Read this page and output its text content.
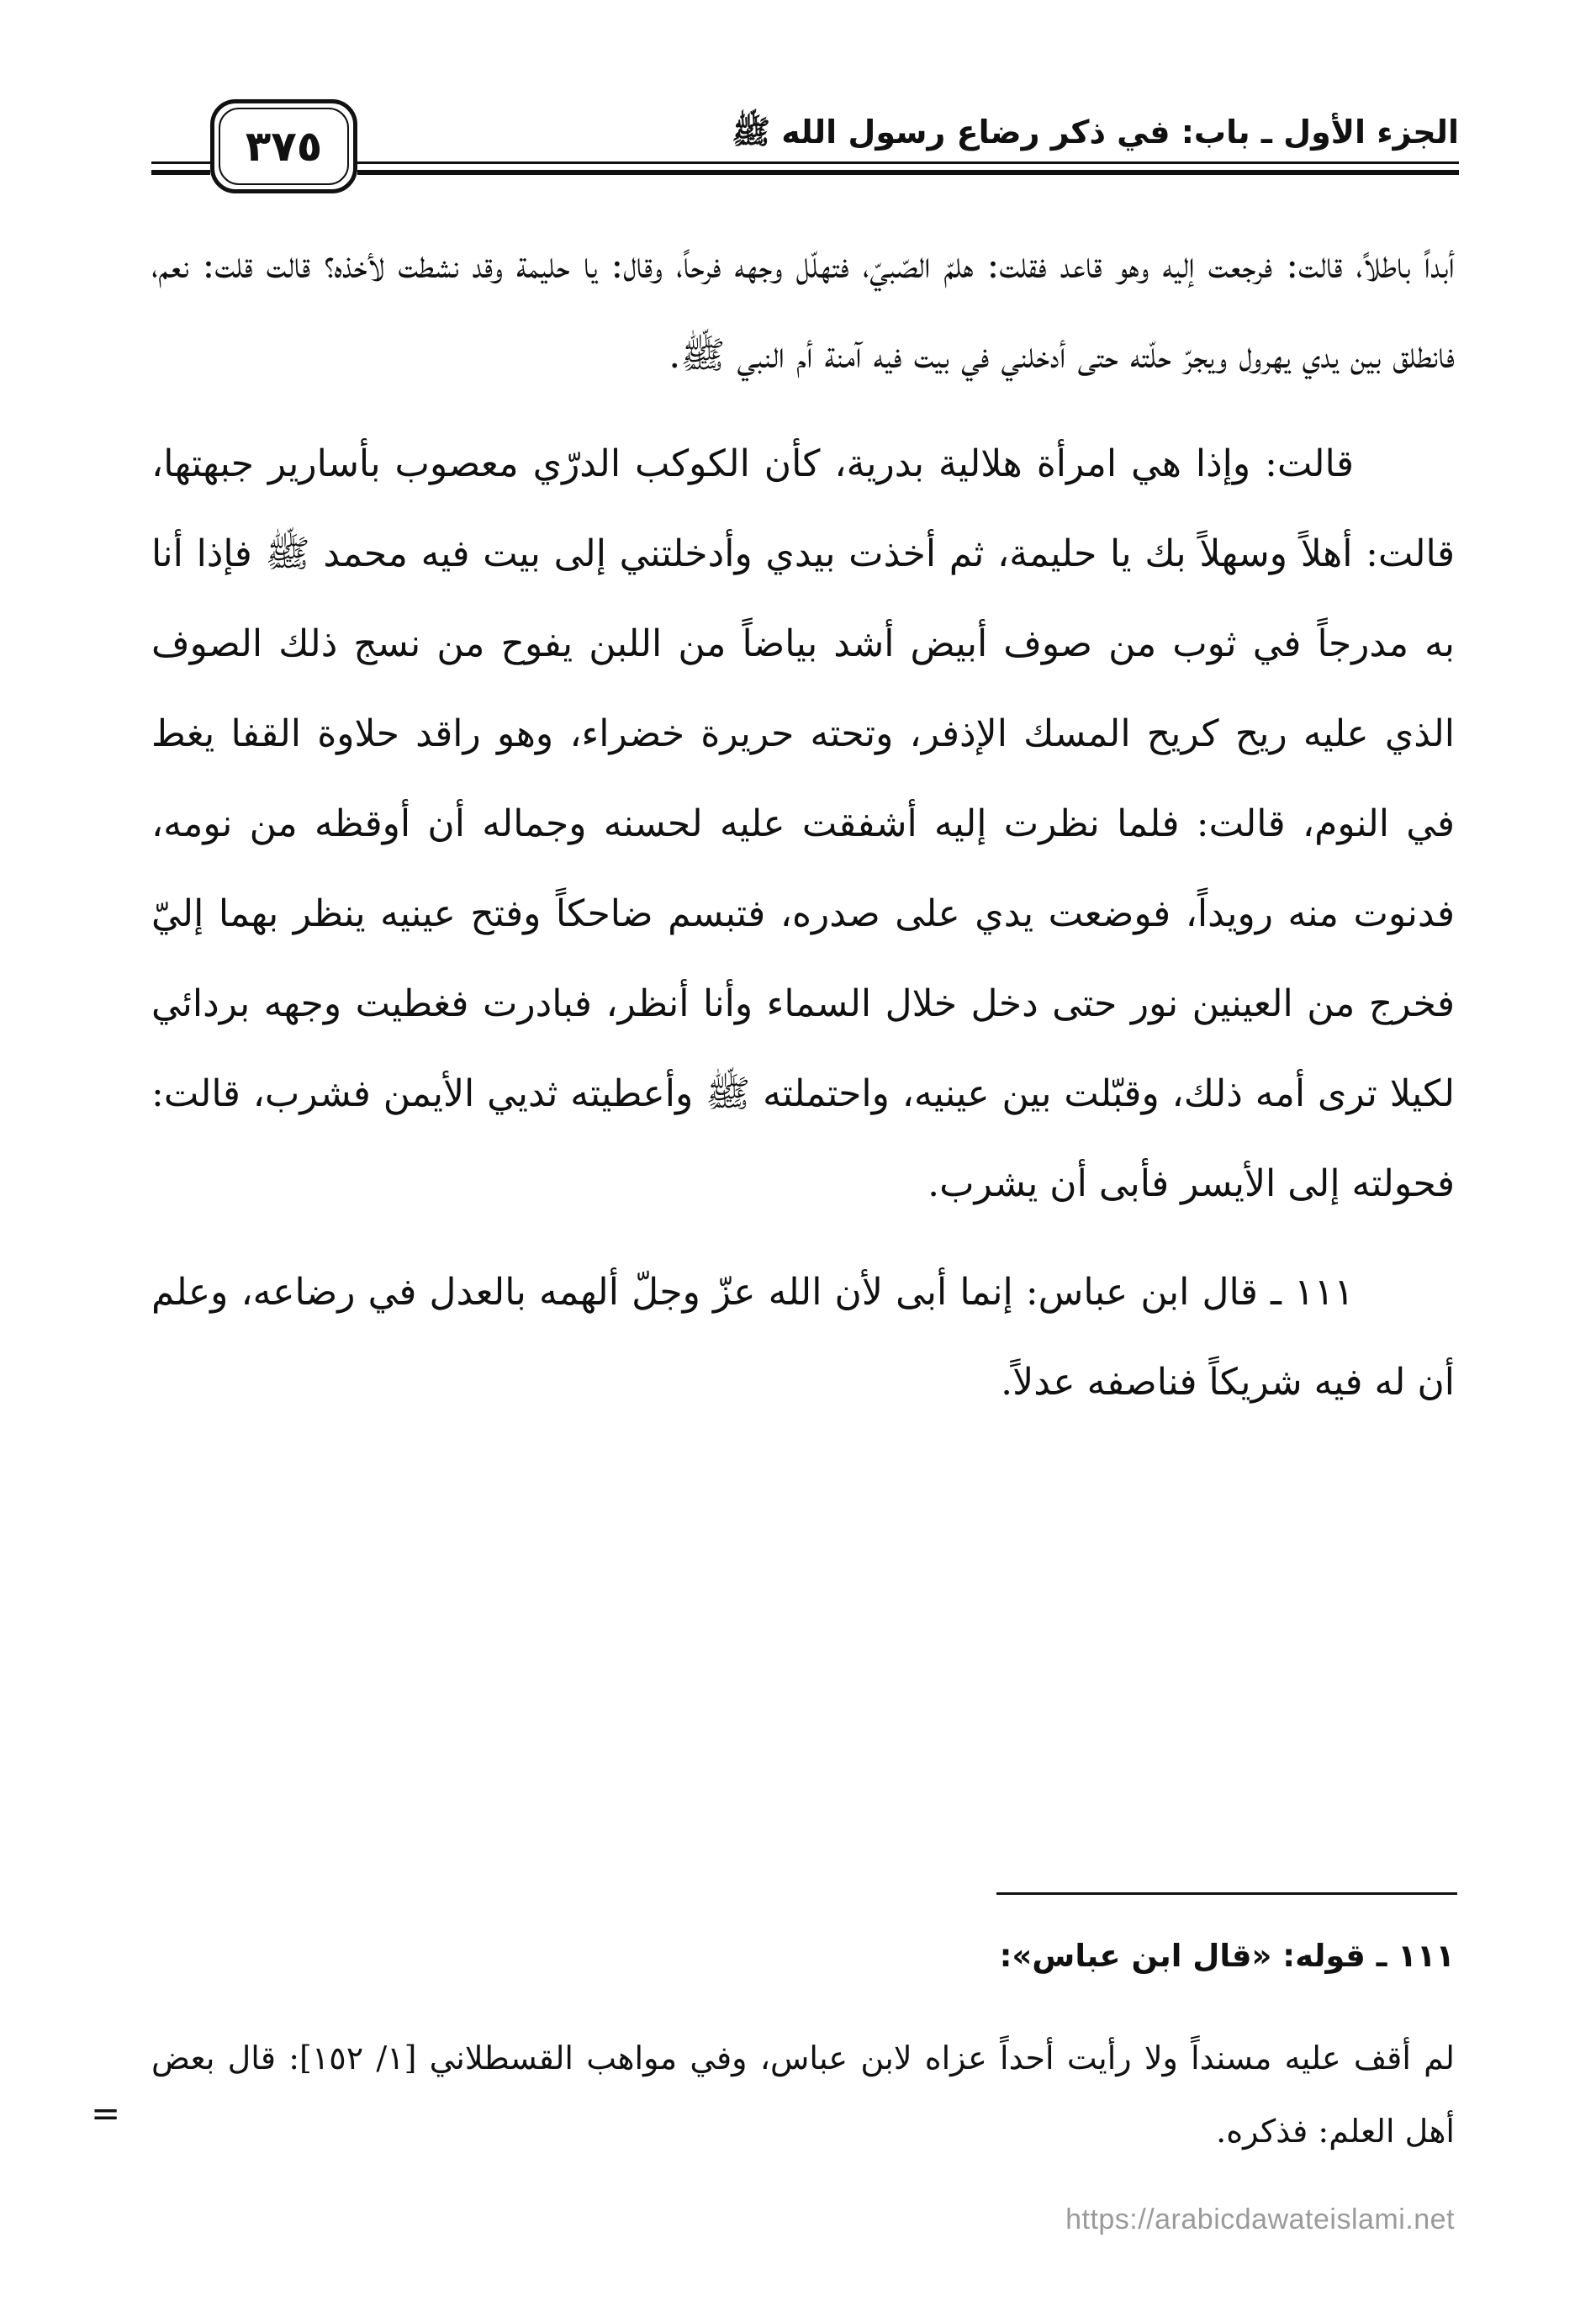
الجزء الأول ـ باب: في ذكر رضاع رسول الله ﷺ
٣٧٥

أبداً باطلاً، قالت: فرجعت إليه وهو قاعد فقلت: هلمّ الصّبيّ، فتهلّل وجهه فرحاً، وقال: يا حليمة وقد نشطت لأخذه؟ قالت قلت: نعم، فانطلق بين يدي يهرول ويجرّ حلّته حتى أدخلني في بيت فيه آمنة أم النبي ﷺ.

قالت: وإذا هي امرأة هلالية بدرية، كأن الكوكب الدرّي معصوب بأسارير جبهتها، قالت: أهلاً وسهلاً بك يا حليمة، ثم أخذت بيدي وأدخلتني إلى بيت فيه محمد ﷺ فإذا أنا به مدرجاً في ثوب من صوف أبيض أشد بياضاً من اللبن يفوح من نسج ذلك الصوف الذي عليه ريح كريح المسك الإذفر، وتحته حريرة خضراء، وهو راقد حلاوة القفا يغط في النوم، قالت: فلما نظرت إليه أشفقت عليه لحسنه وجماله أن أوقظه من نومه، فدنوت منه رويداً، فوضعت يدي على صدره، فتبسم ضاحكاً وفتح عينيه ينظر بهما إليّ فخرج من العينين نور حتى دخل خلال السماء وأنا أنظر، فبادرت فغطيت وجهه بردائي لكيلا ترى أمه ذلك، وقبّلت بين عينيه، واحتملته ﷺ وأعطيته ثديي الأيمن فشرب، قالت: فحولته إلى الأيسر فأبى أن يشرب.

١١١ ـ قال ابن عباس: إنما أبى لأن الله عزّ وجلّ ألهمه بالعدل في رضاعه، وعلم أن له فيه شريكاً فناصفه عدلاً.

١١١ ـ قوله: «قال ابن عباس»:

لم أقف عليه مسنداً ولا رأيت أحداً عزاه لابن عباس، وفي مواهب القسطلاني [١/ ١٥٢]: قال بعض أهل العلم: فذكره.

=
https://arabicdawateislami.net
